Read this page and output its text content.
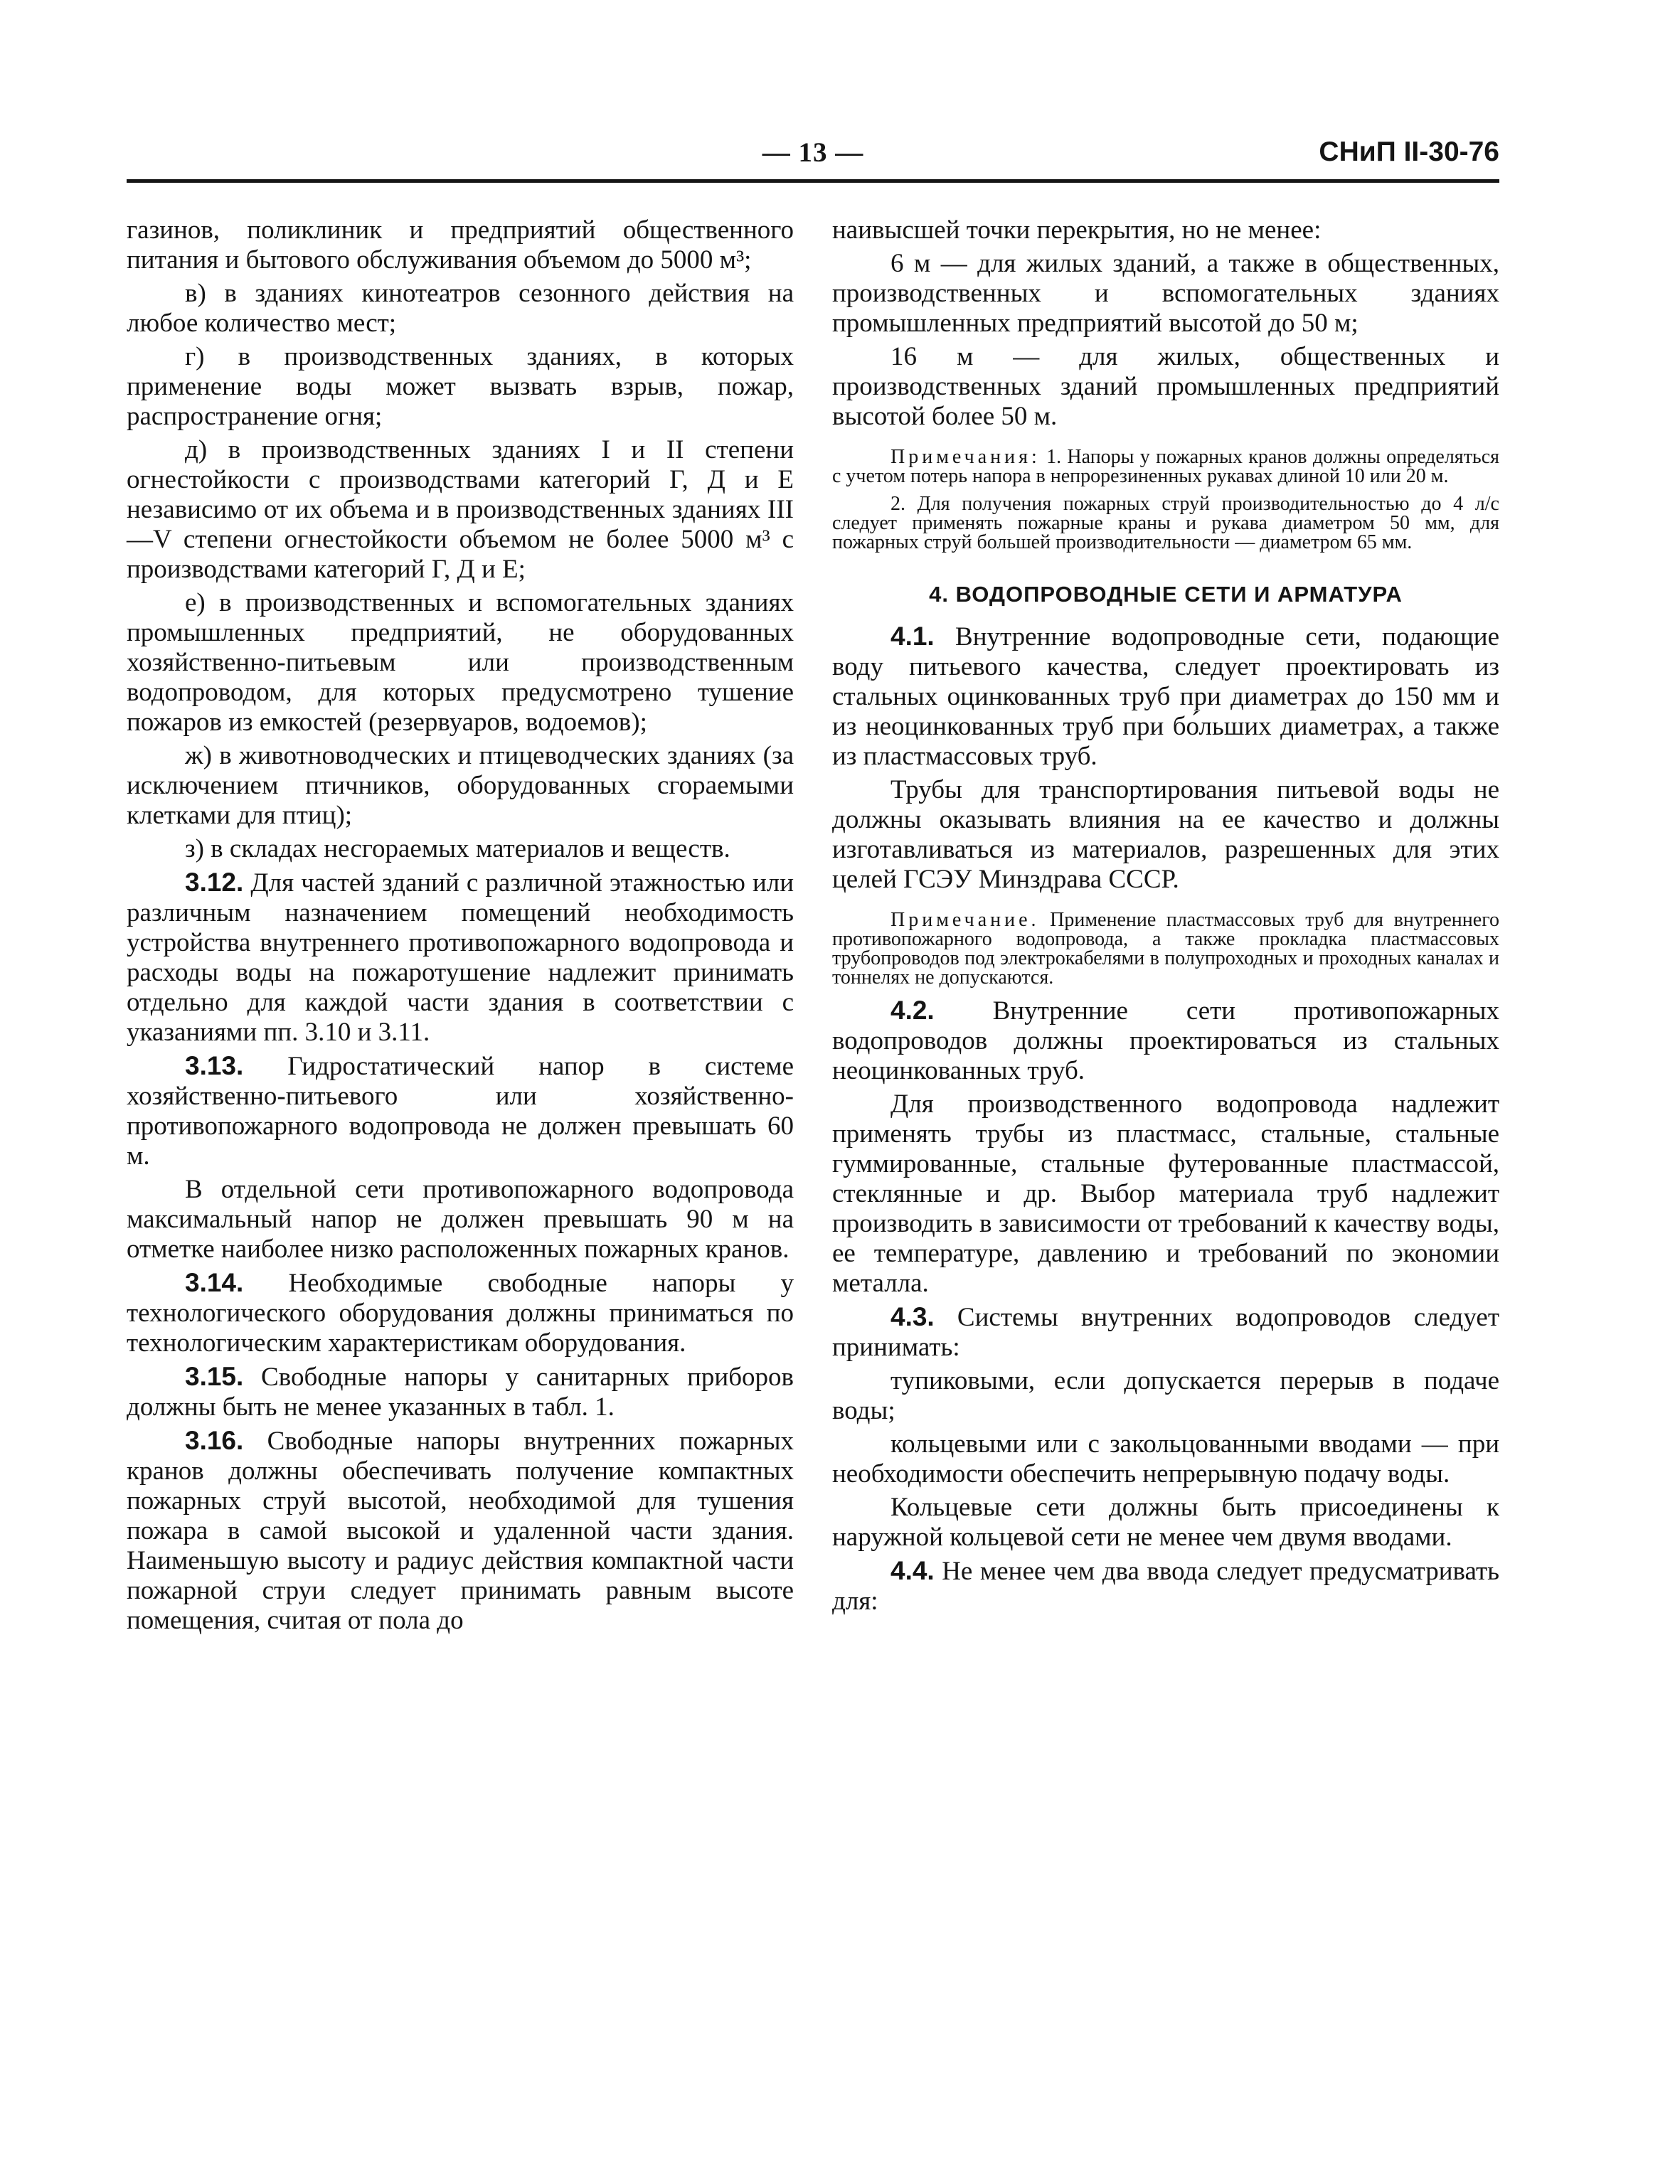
— 13 —	СНиП II-30-76

газинов, поликлиник и предприятий общественного питания и бытового обслуживания объемом до 5000 м³;

в) в зданиях кинотеатров сезонного действия на любое количество мест;

г) в производственных зданиях, в которых применение воды может вызвать взрыв, пожар, распространение огня;

д) в производственных зданиях I и II степени огнестойкости с производствами категорий Г, Д и Е независимо от их объема и в производственных зданиях III—V степени огнестойкости объемом не более 5000 м³ с производствами категорий Г, Д и Е;

е) в производственных и вспомогательных зданиях промышленных предприятий, не оборудованных хозяйственно-питьевым или производственным водопроводом, для которых предусмотрено тушение пожаров из емкостей (резервуаров, водоемов);

ж) в животноводческих и птицеводческих зданиях (за исключением птичников, оборудованных сгораемыми клетками для птиц);

з) в складах несгораемых материалов и веществ.

3.12. Для частей зданий с различной этажностью или различным назначением помещений необходимость устройства внутреннего противопожарного водопровода и расходы воды на пожаротушение надлежит принимать отдельно для каждой части здания в соответствии с указаниями пп. 3.10 и 3.11.

3.13. Гидростатический напор в системе хозяйственно-питьевого или хозяйственно-противопожарного водопровода не должен превышать 60 м.

В отдельной сети противопожарного водопровода максимальный напор не должен превышать 90 м на отметке наиболее низко расположенных пожарных кранов.

3.14. Необходимые свободные напоры у технологического оборудования должны приниматься по технологическим характеристикам оборудования.

3.15. Свободные напоры у санитарных приборов должны быть не менее указанных в табл. 1.

3.16. Свободные напоры внутренних пожарных кранов должны обеспечивать получение компактных пожарных струй высотой, необходимой для тушения пожара в самой высокой и удаленной части здания. Наименьшую высоту и радиус действия компактной части пожарной струи следует принимать равным высоте помещения, считая от пола до

наивысшей точки перекрытия, но не менее:

6 м — для жилых зданий, а также в общественных, производственных и вспомогательных зданиях промышленных предприятий высотой до 50 м;

16 м — для жилых, общественных и производственных зданий промышленных предприятий высотой более 50 м.

Примечания: 1. Напоры у пожарных кранов должны определяться с учетом потерь напора в непрорезиненных рукавах длиной 10 или 20 м.

2. Для получения пожарных струй производительностью до 4 л/с следует применять пожарные краны и рукава диаметром 50 мм, для пожарных струй большей производительности — диаметром 65 мм.

4. ВОДОПРОВОДНЫЕ СЕТИ И АРМАТУРА

4.1. Внутренние водопроводные сети, подающие воду питьевого качества, следует проектировать из стальных оцинкованных труб при диаметрах до 150 мм и из неоцинкованных труб при бо́льших диаметрах, а также из пластмассовых труб.

Трубы для транспортирования питьевой воды не должны оказывать влияния на ее качество и должны изготавливаться из материалов, разрешенных для этих целей ГСЭУ Минздрава СССР.

Примечание. Применение пластмассовых труб для внутреннего противопожарного водопровода, а также прокладка пластмассовых трубопроводов под электрокабелями в полупроходных и проходных каналах и тоннелях не допускаются.

4.2. Внутренние сети противопожарных водопроводов должны проектироваться из стальных неоцинкованных труб.

Для производственного водопровода надлежит применять трубы из пластмасс, стальные, стальные гуммированные, стальные футерованные пластмассой, стеклянные и др. Выбор материала труб надлежит производить в зависимости от требований к качеству воды, ее температуре, давлению и требований по экономии металла.

4.3. Системы внутренних водопроводов следует принимать:

тупиковыми, если допускается перерыв в подаче воды;

кольцевыми или с закольцованными вводами — при необходимости обеспечить непрерывную подачу воды.

Кольцевые сети должны быть присоединены к наружной кольцевой сети не менее чем двумя вводами.

4.4. Не менее чем два ввода следует предусматривать для:
